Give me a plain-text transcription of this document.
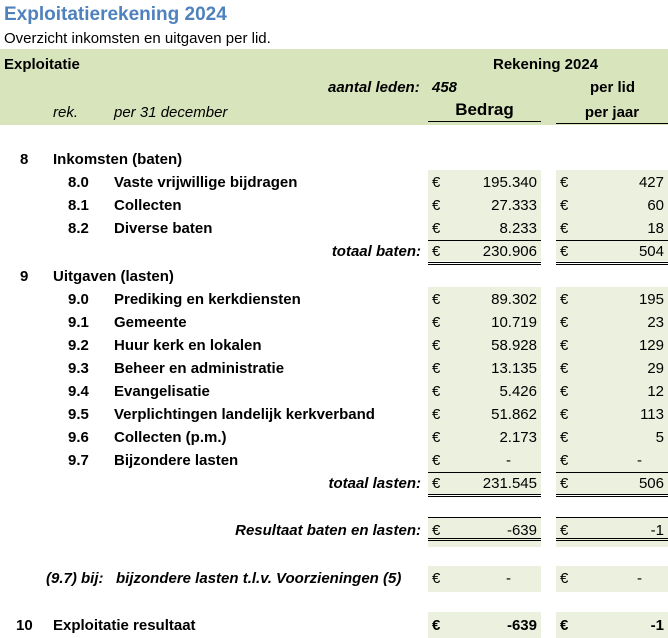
Exploitatierekening 2024
Overzicht inkomsten en uitgaven per lid.
Exploitatie	Rekening 2024
aantal leden: 458	per lid
rek. per 31 december	Bedrag	per jaar
8 Inkomsten (baten)
8.0 Vaste vrijwillige bijdragen	€	195.340 €	427
8.1 Collecten	€	27.333 €	60
8.2 Diverse baten	€	8.233 €	18
totaal baten: €	230.906 €	504
9 Uitgaven (lasten)
9.0 Prediking en kerkdiensten	€	89.302 €	195
9.1 Gemeente	€	10.719 €	23
9.2 Huur kerk en lokalen	€	58.928 €	129
9.3 Beheer en administratie	€	13.135 €	29
9.4 Evangelisatie	€	5.426 €	12
9.5 Verplichtingen landelijk kerkverband	€	51.862 €	113
9.6 Collecten (p.m.)	€	2.173 €	5
9.7 Bijzondere lasten	€	-	€	-
totaal lasten: €	231.545 €	506
Resultaat baten en lasten: €	-639 €	-1
(9.7) bij:   bijzondere lasten t.l.v. Voorzieningen (5) €	-	€	-
10 Exploitatie resultaat	€	-639 €	-1
